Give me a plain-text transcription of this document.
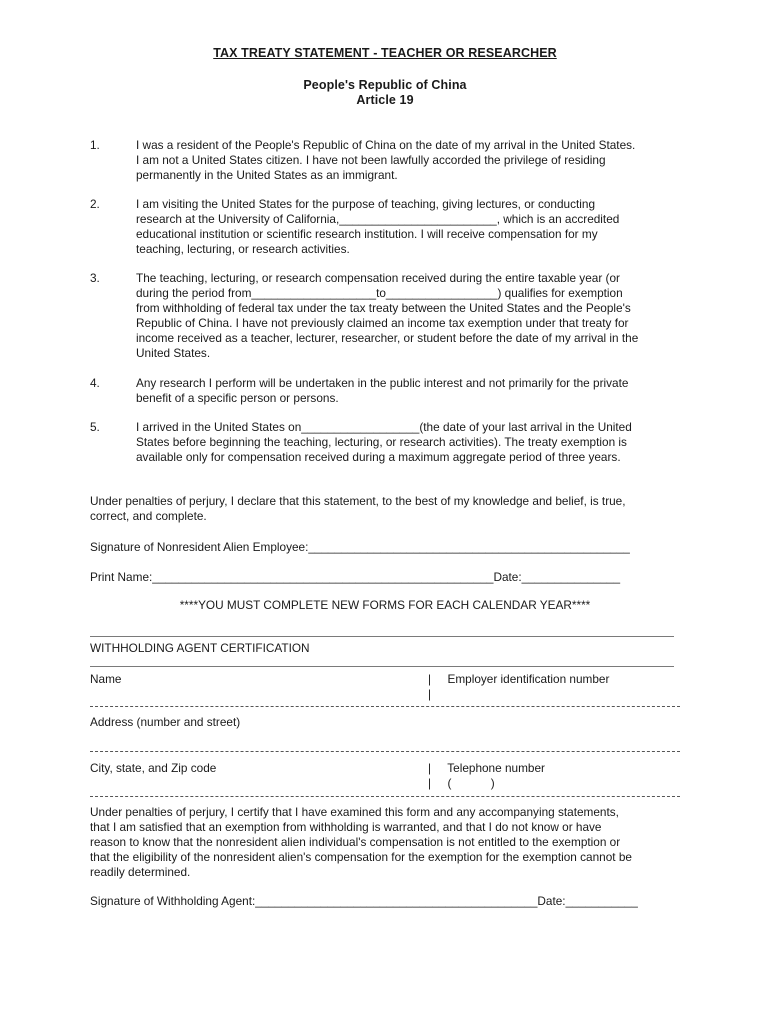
TAX TREATY STATEMENT - TEACHER OR RESEARCHER
People's Republic of China
Article 19
1.	I was a resident of the People's Republic of China on the date of my arrival in the United States.
I am not a United States citizen. I have not been lawfully accorded the privilege of residing
permanently in the United States as an immigrant.
2.	I am visiting the United States for the purpose of teaching, giving lectures, or conducting
research at the University of California,________________________, which is an accredited
educational institution or scientific research institution. I will receive compensation for my
teaching, lecturing, or research activities.
3.	The teaching, lecturing, or research compensation received during the entire taxable year (or
during the period from___________________to_________________) qualifies for exemption
from withholding of federal tax under the tax treaty between the United States and the People's
Republic of China. I have not previously claimed an income tax exemption under that treaty for
income received as a teacher, lecturer, researcher, or student before the date of my arrival in the
United States.
4.	Any research I perform will be undertaken in the public interest and not primarily for the private
benefit of a specific person or persons.
5.	I arrived in the United States on__________________(the date of your last arrival in the United
States before beginning the teaching, lecturing, or research activities). The treaty exemption is
available only for compensation received during a maximum aggregate period of three years.
Under penalties of perjury, I declare that this statement, to the best of my knowledge and belief, is true,
correct, and complete.
Signature of Nonresident Alien Employee:_________________________________________________
Print Name:____________________________________________________Date:_______________
****YOU MUST COMPLETE NEW FORMS FOR EACH CALENDAR YEAR****
WITHHOLDING AGENT CERTIFICATION
Name	|     Employer identification number
|
Address (number and street)
City, state, and Zip code	|     Telephone number
|     (            )
Under penalties of perjury, I certify that I have examined this form and any accompanying statements,
that I am satisfied that an exemption from withholding is warranted, and that I do not know or have
reason to know that the nonresident alien individual's compensation is not entitled to the exemption or
that the eligibility of the nonresident alien's compensation for the exemption for the exemption cannot be
readily determined.
Signature of Withholding Agent:___________________________________________Date:___________
